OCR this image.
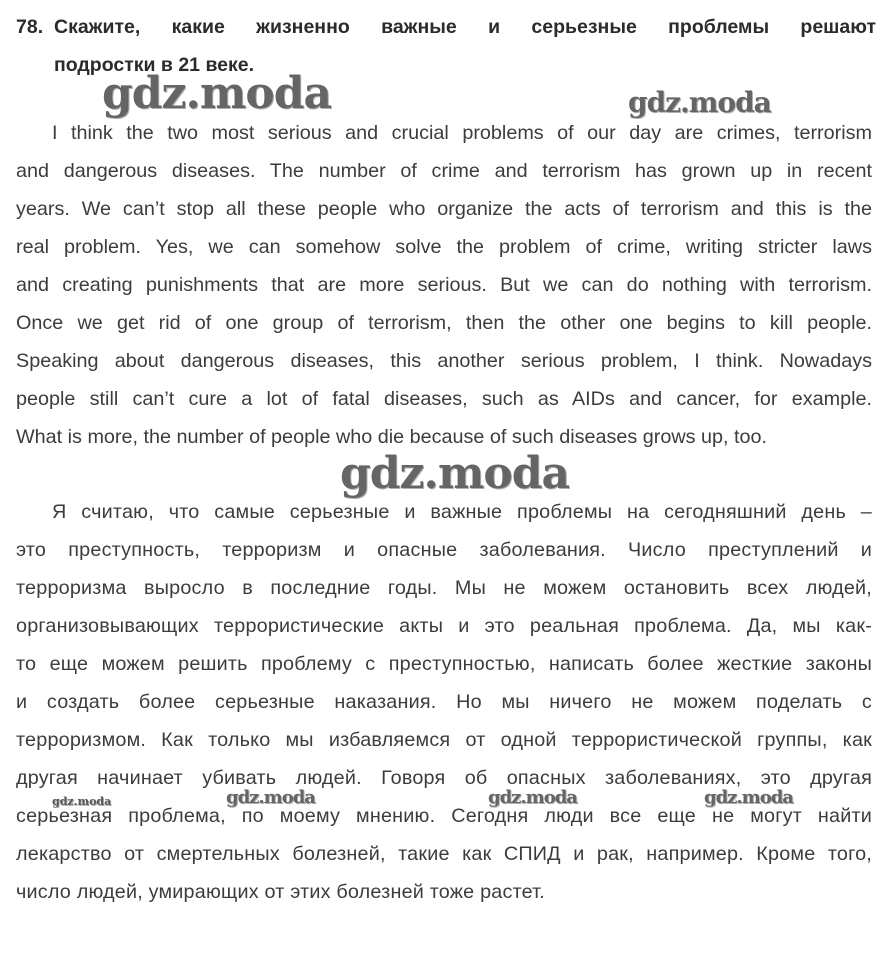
78. Скажите, какие жизненно важные и серьезные проблемы решают
подростки в 21 веке.
I think the two most serious and crucial problems of our day are crimes, terrorism
and dangerous diseases. The number of crime and terrorism has grown up in recent
years. We can’t stop all these people who organize the acts of terrorism and this is the
real problem. Yes, we can somehow solve the problem of crime, writing stricter laws
and creating punishments that are more serious. But we can do nothing with terrorism.
Once we get rid of one group of terrorism, then the other one begins to kill people.
Speaking about dangerous diseases, this another serious problem, I think. Nowadays
people still can’t cure a lot of fatal diseases, such as AIDs and cancer, for example.
What is more, the number of people who die because of such diseases grows up, too.
Я считаю, что самые серьезные и важные проблемы на сегодняшний день –
это преступность, терроризм и опасные заболевания. Число преступлений и
терроризма выросло в последние годы. Мы не можем остановить всех людей,
организовывающих террористические акты и это реальная проблема. Да, мы как-
то еще можем решить проблему с преступностью, написать более жесткие законы
и создать более серьезные наказания. Но мы ничего не можем поделать с
терроризмом. Как только мы избавляемся от одной террористической группы, как
другая начинает убивать людей. Говоря об опасных заболеваниях, это другая
серьезная проблема, по моему мнению. Сегодня люди все еще не могут найти
лекарство от смертельных болезней, такие как СПИД и рак, например. Кроме того,
число людей, умирающих от этих болезней тоже растет.
gdz.moda	gdz.moda
gdz.moda
gdz.moda	gdz.moda	gdz.moda	gdz.moda
